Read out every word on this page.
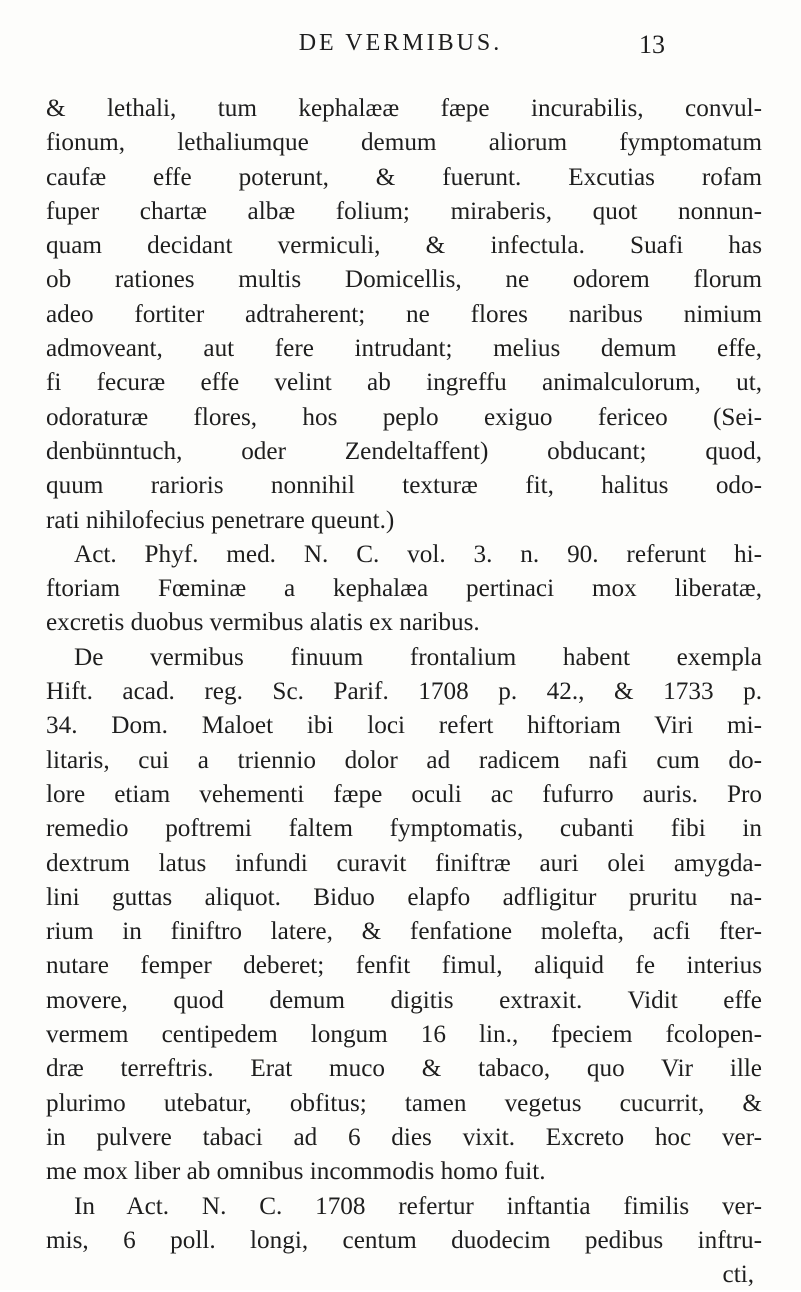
DE VERMIBUS.	13
& lethali, tum kephalææ fæpe incurabilis, convul-
fionum, lethaliumque demum aliorum fymptomatum
caufæ effe poterunt, & fuerunt. Excutias rofam
fuper chartæ albæ folium; miraberis, quot nonnun-
quam decidant vermiculi, & infectula. Suafi has
ob rationes multis Domicellis, ne odorem florum
adeo fortiter adtraherent; ne flores naribus nimium
admoveant, aut fere intrudant; melius demum effe,
fi fecuræ effe velint ab ingreffu animalculorum, ut,
odoraturæ flores, hos peplo exiguo fericeo (Sei-
denbünntuch, oder Zendeltaffent) obducant; quod,
quum rarioris nonnihil texturæ fit, halitus odo-
rati nihilofecius penetrare queunt.)
Act. Phyf. med. N. C. vol. 3. n. 90. referunt hi-
ftoriam Fœminæ a kephalæa pertinaci mox liberatæ,
excretis duobus vermibus alatis ex naribus.
De vermibus finuum frontalium habent exempla
Hift. acad. reg. Sc. Parif. 1708 p. 42., & 1733 p.
34. Dom. Maloet ibi loci refert hiftoriam Viri mi-
litaris, cui a triennio dolor ad radicem nafi cum do-
lore etiam vehementi fæpe oculi ac fufurro auris. Pro
remedio poftremi faltem fymptomatis, cubanti fibi in
dextrum latus infundi curavit finiftræ auri olei amygda-
lini guttas aliquot. Biduo elapfo adfligitur pruritu na-
rium in finiftro latere, & fenfatione molefta, acfi fter-
nutare femper deberet; fenfit fimul, aliquid fe interius
movere, quod demum digitis extraxit. Vidit effe
vermem centipedem longum 16 lin., fpeciem fcolopen-
dræ terreftris. Erat muco & tabaco, quo Vir ille
plurimo utebatur, obfitus; tamen vegetus cucurrit, &
in pulvere tabaci ad 6 dies vixit. Excreto hoc ver-
me mox liber ab omnibus incommodis homo fuit.
In Act. N. C. 1708 refertur inftantia fimilis ver-
mis, 6 poll. longi, centum duodecim pedibus inftru-
cti,
